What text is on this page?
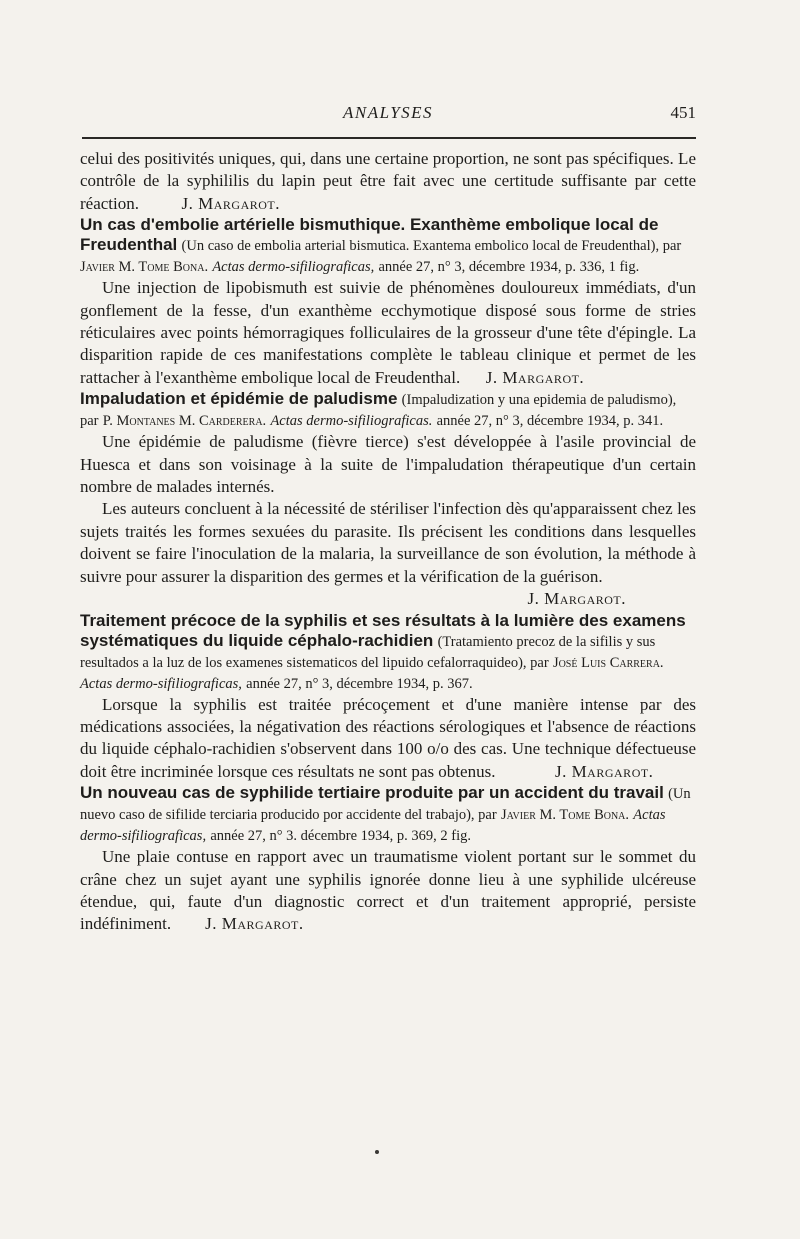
ANALYSES	451

celui des positivités uniques, qui, dans une certaine proportion, ne sont pas spécifiques. Le contrôle de la syphililis du lapin peut être fait avec une certitude suffisante par cette réaction.	J. Margarot.

Un cas d'embolie artérielle bismuthique. Exanthème embolique local de Freudenthal (Un caso de embolia arterial bismutica. Exantema embolico local de Freudenthal), par Javier M. Tome Bona. Actas dermo-sifiliograficas, année 27, n° 3, décembre 1934, p. 336, 1 fig.

Une injection de lipobismuth est suivie de phénomènes douloureux immédiats, d'un gonflement de la fesse, d'un exanthème ecchymotique disposé sous forme de stries réticulaires avec points hémorragiques folliculaires de la grosseur d'une tête d'épingle. La disparition rapide de ces manifestations complète le tableau clinique et permet de les rattacher à l'exanthème embolique local de Freudenthal. J. Margarot.

Impaludation et épidémie de paludisme (Impaludization y una epidemia de paludismo), par P. Montanes M. Carderera. Actas dermo-sifiliograficas. année 27, n° 3, décembre 1934, p. 341.

Une épidémie de paludisme (fièvre tierce) s'est développée à l'asile provincial de Huesca et dans son voisinage à la suite de l'impaludation thérapeutique d'un certain nombre de malades internés.

Les auteurs concluent à la nécessité de stériliser l'infection dès qu'apparaissent chez les sujets traités les formes sexuées du parasite. Ils précisent les conditions dans lesquelles doivent se faire l'inoculation de la malaria, la surveillance de son évolution, la méthode à suivre pour assurer la disparition des germes et la vérification de la guérison.

J. Margarot.

Traitement précoce de la syphilis et ses résultats à la lumière des examens systématiques du liquide céphalo-rachidien (Tratamiento precoz de la sifilis y sus resultados a la luz de los examenes sistematicos del lipuido cefalorraquideo), par José Luis Carrera. Actas dermo-sifiliograficas, année 27, n° 3, décembre 1934, p. 367.

Lorsque la syphilis est traitée précoçement et d'une manière intense par des médications associées, la négativation des réactions sérologiques et l'absence de réactions du liquide céphalo-rachidien s'observent dans 100 o/o des cas. Une technique défectueuse doit être incriminée lorsque ces résultats ne sont pas obtenus.	J. Margarot.

Un nouveau cas de syphilide tertiaire produite par un accident du travail (Un nuevo caso de sifilide terciaria producido por accidente del trabajo), par Javier M. Tome Bona. Actas dermo-sifiliograficas, année 27, n° 3. décembre 1934, p. 369, 2 fig.

Une plaie contuse en rapport avec un traumatisme violent portant sur le sommet du crâne chez un sujet ayant une syphilis ignorée donne lieu à une syphilide ulcéreuse étendue, qui, faute d'un diagnostic correct et d'un traitement approprié, persiste indéfiniment. J. Margarot.
